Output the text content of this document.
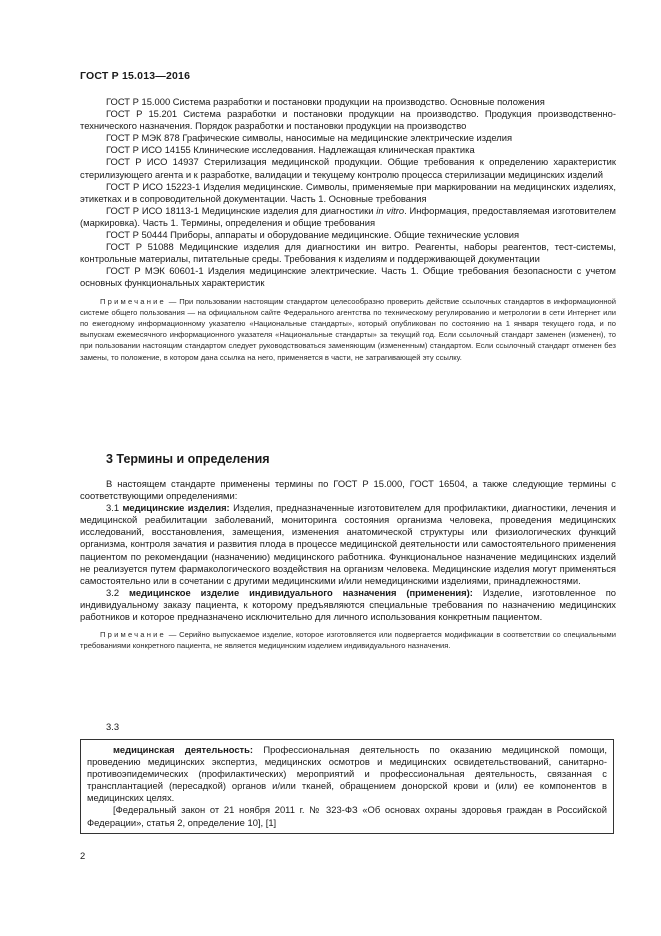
ГОСТ Р 15.013—2016

ГОСТ Р 15.000 Система разработки и постановки продукции на производство. Основные положения

ГОСТ Р 15.201 Система разработки и постановки продукции на производство. Продукция производственно-технического назначения. Порядок разработки и постановки продукции на производство

ГОСТ Р МЭК 878 Графические символы, наносимые на медицинские электрические изделия

ГОСТ Р ИСО 14155 Клинические исследования. Надлежащая клиническая практика

ГОСТ Р ИСО 14937 Стерилизация медицинской продукции. Общие требования к определению характеристик стерилизующего агента и к разработке, валидации и текущему контролю процесса стерилизации медицинских изделий

ГОСТ Р ИСО 15223-1 Изделия медицинские. Символы, применяемые при маркировании на медицинских изделиях, этикетках и в сопроводительной документации. Часть 1. Основные требования

ГОСТ Р ИСО 18113-1 Медицинские изделия для диагностики in vitro. Информация, предоставляемая изготовителем (маркировка). Часть 1. Термины, определения и общие требования

ГОСТ Р 50444 Приборы, аппараты и оборудование медицинские. Общие технические условия

ГОСТ Р 51088 Медицинские изделия для диагностики ин витро. Реагенты, наборы реагентов, тест-системы, контрольные материалы, питательные среды. Требования к изделиям и поддерживающей документации

ГОСТ Р МЭК 60601-1 Изделия медицинские электрические. Часть 1. Общие требования безопасности с учетом основных функциональных характеристик

Примечание — При пользовании настоящим стандартом целесообразно проверить действие ссылочных стандартов в информационной системе общего пользования — на официальном сайте Федерального агентства по техническому регулированию и метрологии в сети Интернет или по ежегодному информационному указателю «Национальные стандарты», который опубликован по состоянию на 1 января текущего года, и по выпускам ежемесячного информационного указателя «Национальные стандарты» за текущий год. Если ссылочный стандарт заменен (изменен), то при пользовании настоящим стандартом следует руководствоваться заменяющим (измененным) стандартом. Если ссылочный стандарт отменен без замены, то положение, в котором дана ссылка на него, применяется в части, не затрагивающей эту ссылку.

3 Термины и определения

В настоящем стандарте применены термины по ГОСТ Р 15.000, ГОСТ 16504, а также следующие термины с соответствующими определениями:

3.1 медицинские изделия: Изделия, предназначенные изготовителем для профилактики, диагностики, лечения и медицинской реабилитации заболеваний, мониторинга состояния организма человека, проведения медицинских исследований, восстановления, замещения, изменения анатомической структуры или физиологических функций организма, контроля зачатия и развития плода в процессе медицинской деятельности или самостоятельного применения пациентом по рекомендации (назначению) медицинского работника. Функциональное назначение медицинских изделий не реализуется путем фармакологического воздействия на организм человека. Медицинские изделия могут применяться самостоятельно или в сочетании с другими медицинскими и/или немедицинскими изделиями, принадлежностями.

3.2 медицинское изделие индивидуального назначения (применения): Изделие, изготовленное по индивидуальному заказу пациента, к которому предъявляются специальные требования по назначению медицинских работников и которое предназначено исключительно для личного использования конкретным пациентом.

Примечание — Серийно выпускаемое изделие, которое изготовляется или подвергается модификации в соответствии со специальными требованиями конкретного пациента, не является медицинским изделием индивидуального назначения.

3.3

медицинская деятельность: Профессиональная деятельность по оказанию медицинской помощи, проведению медицинских экспертиз, медицинских осмотров и медицинских освидетельствований, санитарно-противоэпидемических (профилактических) мероприятий и профессиональная деятельность, связанная с трансплантацией (пересадкой) органов и/или тканей, обращением донорской крови и (или) ее компонентов в медицинских целях.

[Федеральный закон от 21 ноября 2011 г. № 323-ФЗ «Об основах охраны здоровья граждан в Российской Федерации», статья 2, определение 10], [1]

2
